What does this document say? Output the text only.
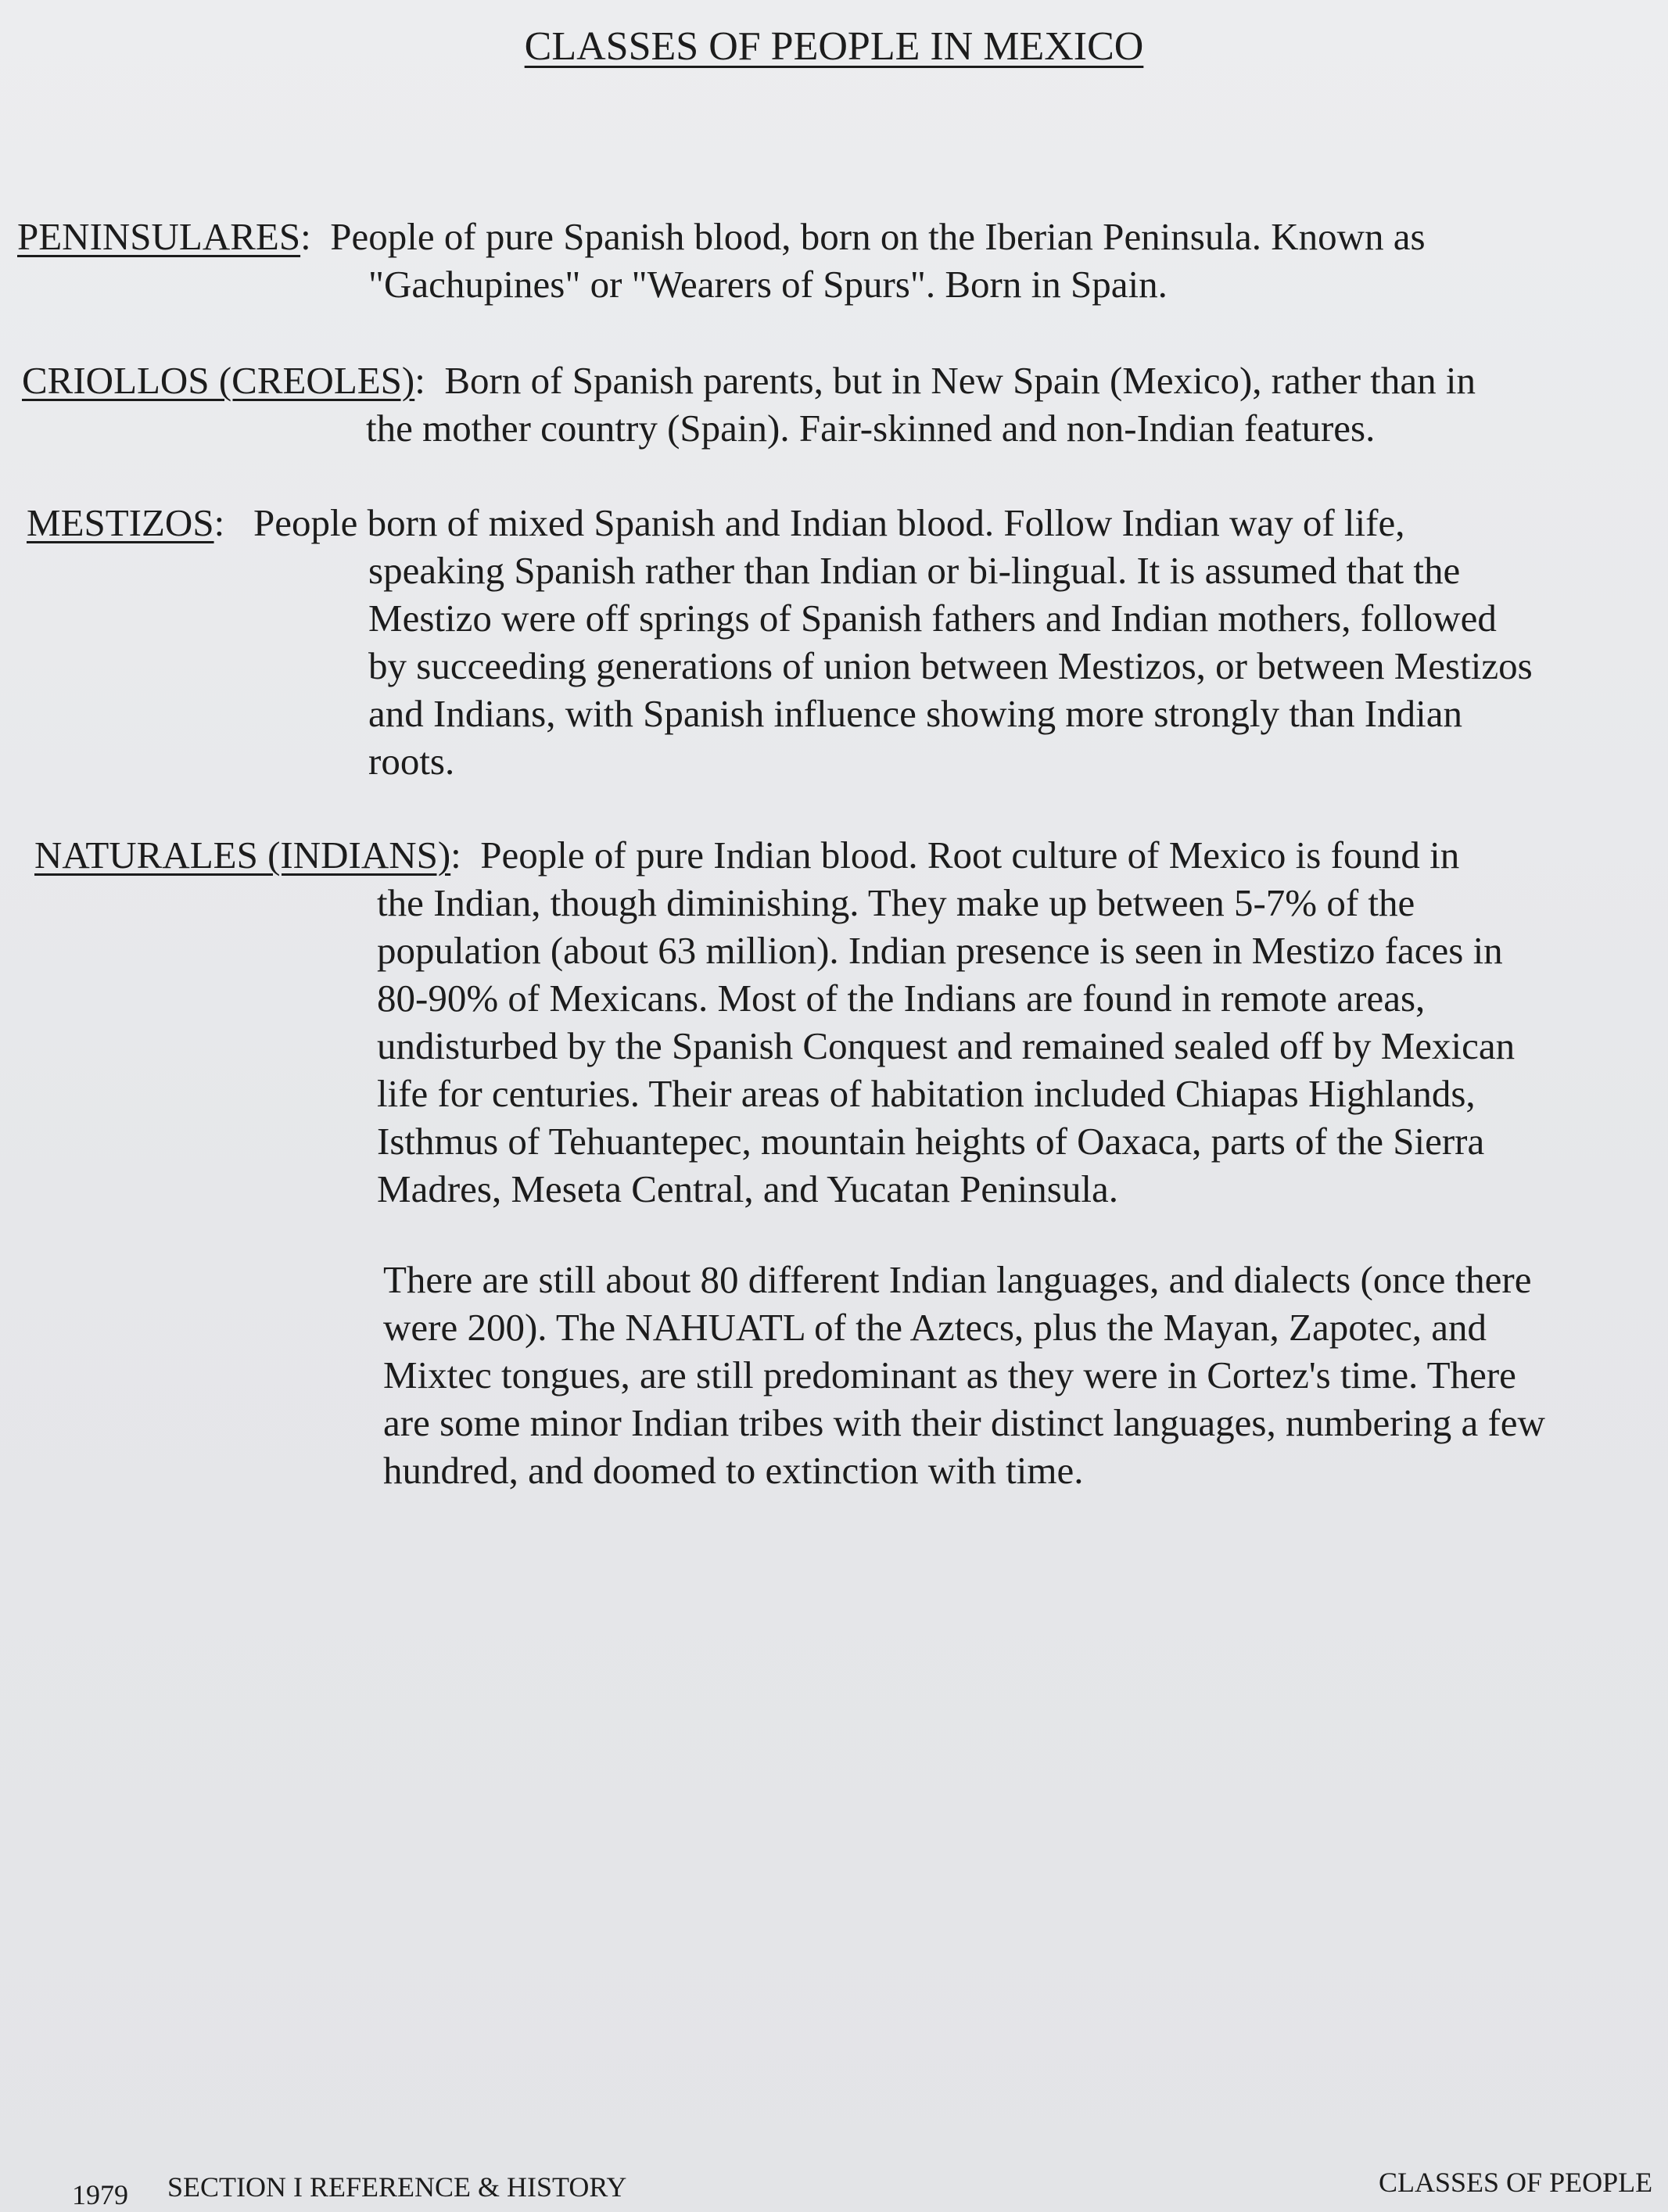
CLASSES OF PEOPLE IN MEXICO
PENINSULARES:  People of pure Spanish blood, born on the Iberian Peninsula. Known as
"Gachupines" or "Wearers of Spurs". Born in Spain.
CRIOLLOS (CREOLES):  Born of Spanish parents, but in New Spain (Mexico), rather than in
the mother country (Spain). Fair-skinned and non-Indian features.
MESTIZOS:   People born of mixed Spanish and Indian blood. Follow Indian way of life,
speaking Spanish rather than Indian or bi-lingual. It is assumed that the
Mestizo were off springs of Spanish fathers and Indian mothers, followed
by succeeding generations of union between Mestizos, or between Mestizos
and Indians, with Spanish influence showing more strongly than Indian
roots.
NATURALES (INDIANS):  People of pure Indian blood. Root culture of Mexico is found in
the Indian, though diminishing. They make up between 5-7% of the
population (about 63 million). Indian presence is seen in Mestizo faces in
80-90% of Mexicans. Most of the Indians are found in remote areas,
undisturbed by the Spanish Conquest and remained sealed off by Mexican
life for centuries. Their areas of habitation included Chiapas Highlands,
Isthmus of Tehuantepec, mountain heights of Oaxaca, parts of the Sierra
Madres, Meseta Central, and Yucatan Peninsula.
There are still about 80 different Indian languages, and dialects (once there
were 200). The NAHUATL of the Aztecs, plus the Mayan, Zapotec, and
Mixtec tongues, are still predominant as they were in Cortez's time. There
are some minor Indian tribes with their distinct languages, numbering a few
hundred, and doomed to extinction with time.
1979 SECTION I REFERENCE & HISTORY	CLASSES OF PEOPLE
